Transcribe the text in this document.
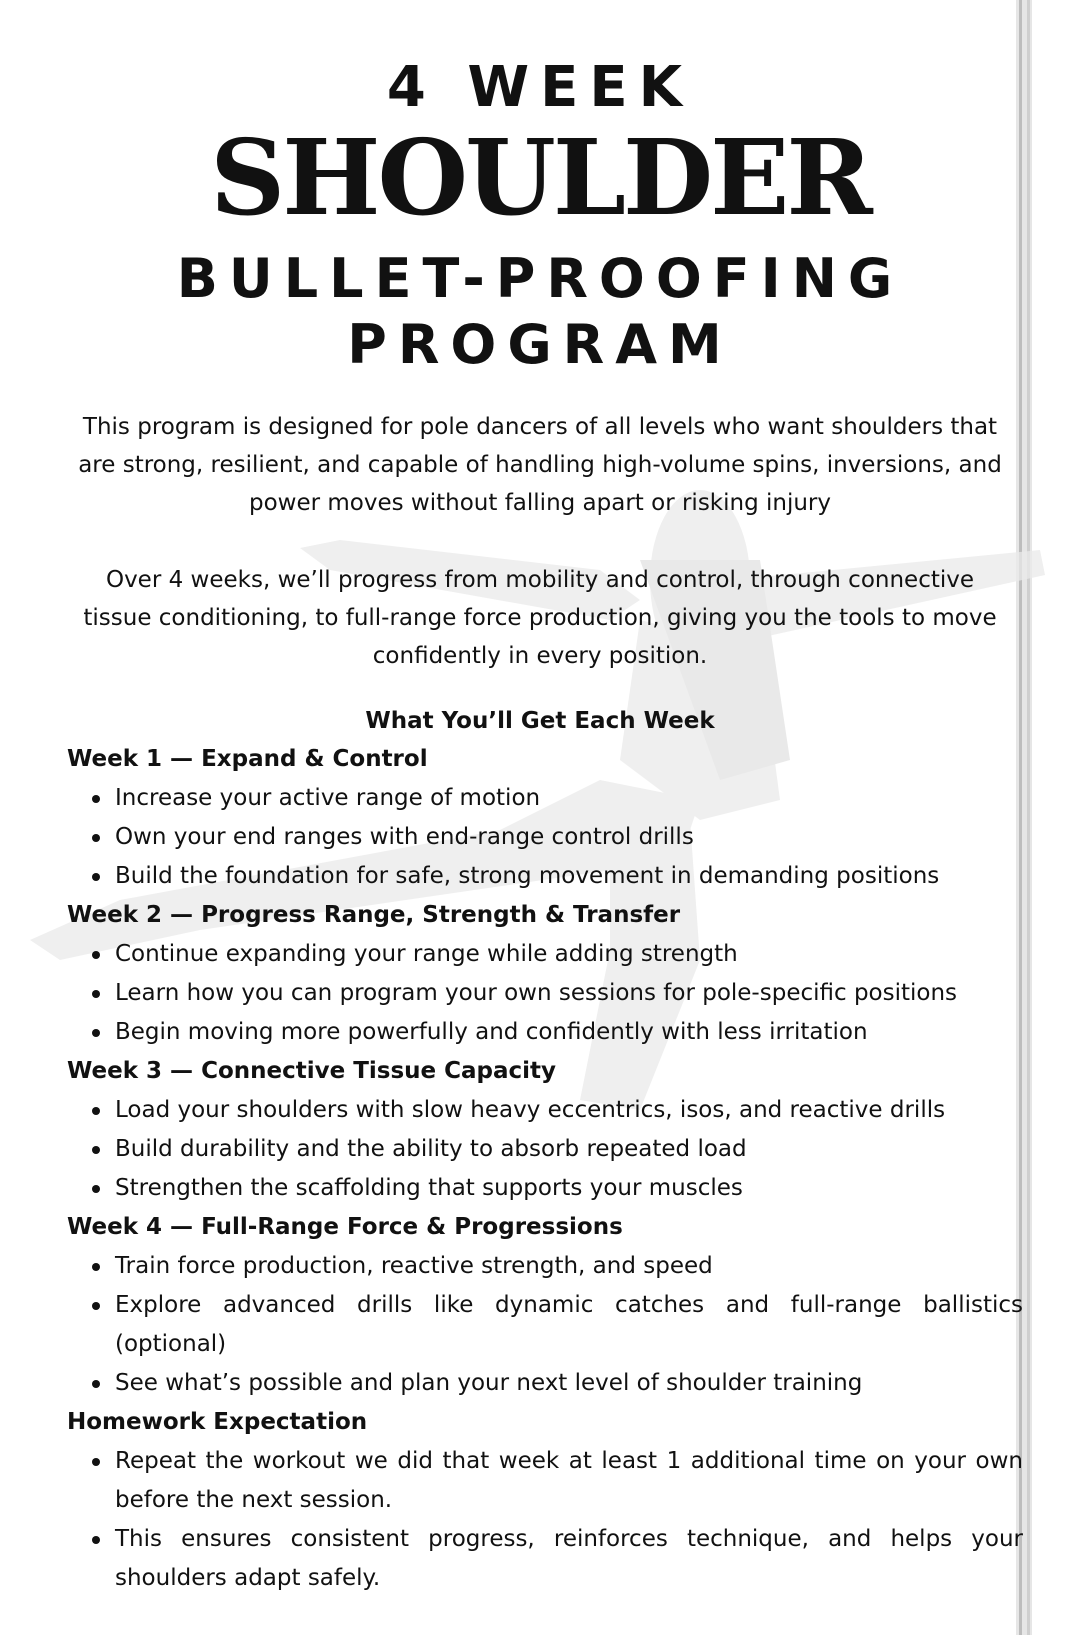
4 WEEK
SHOULDER
BULLET-PROOFING
PROGRAM

This program is designed for pole dancers of all levels who want shoulders that are strong, resilient, and capable of handling high-volume spins, inversions, and power moves without falling apart or risking injury

Over 4 weeks, we’ll progress from mobility and control, through connective tissue conditioning, to full-range force production, giving you the tools to move confidently in every position.

What You’ll Get Each Week
Week 1 — Expand & Control
Increase your active range of motion
Own your end ranges with end-range control drills
Build the foundation for safe, strong movement in demanding positions
Week 2 — Progress Range, Strength & Transfer
Continue expanding your range while adding strength
Learn how you can program your own sessions for pole-specific positions
Begin moving more powerfully and confidently with less irritation
Week 3 — Connective Tissue Capacity
Load your shoulders with slow heavy eccentrics, isos, and reactive drills
Build durability and the ability to absorb repeated load
Strengthen the scaffolding that supports your muscles
Week 4 — Full-Range Force & Progressions
Train force production, reactive strength, and speed
Explore advanced drills like dynamic catches and full-range ballistics (optional)
See what’s possible and plan your next level of shoulder training
Homework Expectation
Repeat the workout we did that week at least 1 additional time on your own before the next session.
This ensures consistent progress, reinforces technique, and helps your shoulders adapt safely.
